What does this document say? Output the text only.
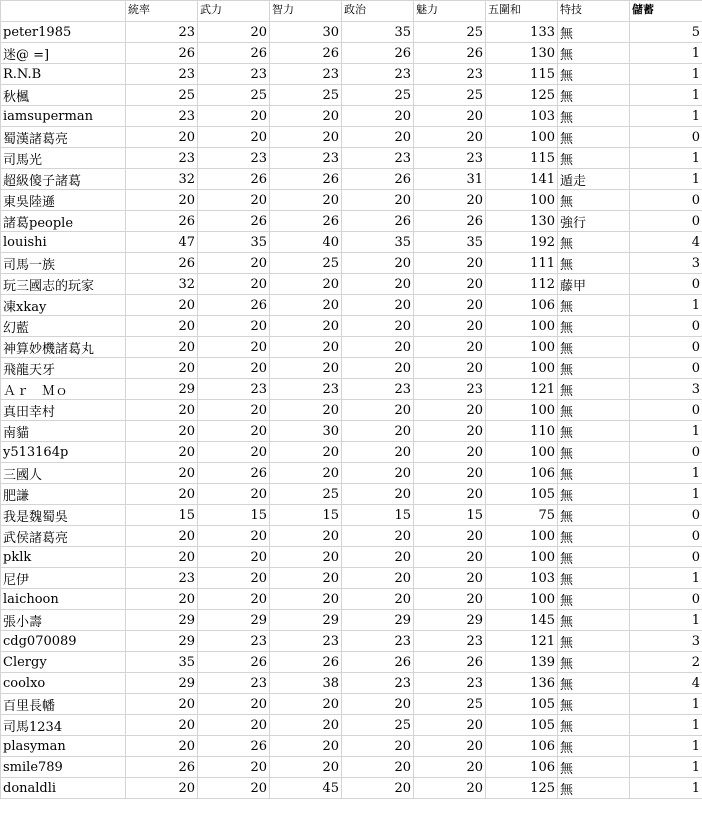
	統率	武力	智力	政治	魅力	五圍和	特技	儲蓄
peter1985	23	20	30	35	25	133	無	5
迷@ =]	26	26	26	26	26	130	無	1
R.N.B	23	23	23	23	23	115	無	1
秋楓	25	25	25	25	25	125	無	1
iamsuperman	23	20	20	20	20	103	無	1
蜀漢諸葛亮	20	20	20	20	20	100	無	0
司馬光	23	23	23	23	23	115	無	1
超級傻子諸葛	32	26	26	26	31	141	遁走	1
東吳陸遜	20	20	20	20	20	100	無	0
諸葛people	26	26	26	26	26	130	強行	0
louishi	47	35	40	35	35	192	無	4
司馬一族	26	20	25	20	20	111	無	3
玩三國志的玩家	32	20	20	20	20	112	藤甲	0
凍xkay	20	26	20	20	20	106	無	1
幻藍	20	20	20	20	20	100	無	0
神算妙機諸葛丸	20	20	20	20	20	100	無	0
飛龍天牙	20	20	20	20	20	100	無	0
Ａｒ　Ｍｏ	29	23	23	23	23	121	無	3
真田幸村	20	20	20	20	20	100	無	0
南貓	20	20	30	20	20	110	無	1
y513164p	20	20	20	20	20	100	無	0
三國人	20	26	20	20	20	106	無	1
肥謙	20	20	25	20	20	105	無	1
我是魏蜀吳	15	15	15	15	15	75	無	0
武侯諸葛亮	20	20	20	20	20	100	無	0
pklk	20	20	20	20	20	100	無	0
尼伊	23	20	20	20	20	103	無	1
laichoon	20	20	20	20	20	100	無	0
張小壽	29	29	29	29	29	145	無	1
cdg070089	29	23	23	23	23	121	無	3
Clergy	35	26	26	26	26	139	無	2
coolxo	29	23	38	23	23	136	無	4
百里長幡	20	20	20	20	25	105	無	1
司馬1234	20	20	20	25	20	105	無	1
plasyman	20	26	20	20	20	106	無	1
smile789	26	20	20	20	20	106	無	1
donaldli	20	20	45	20	20	125	無	1
